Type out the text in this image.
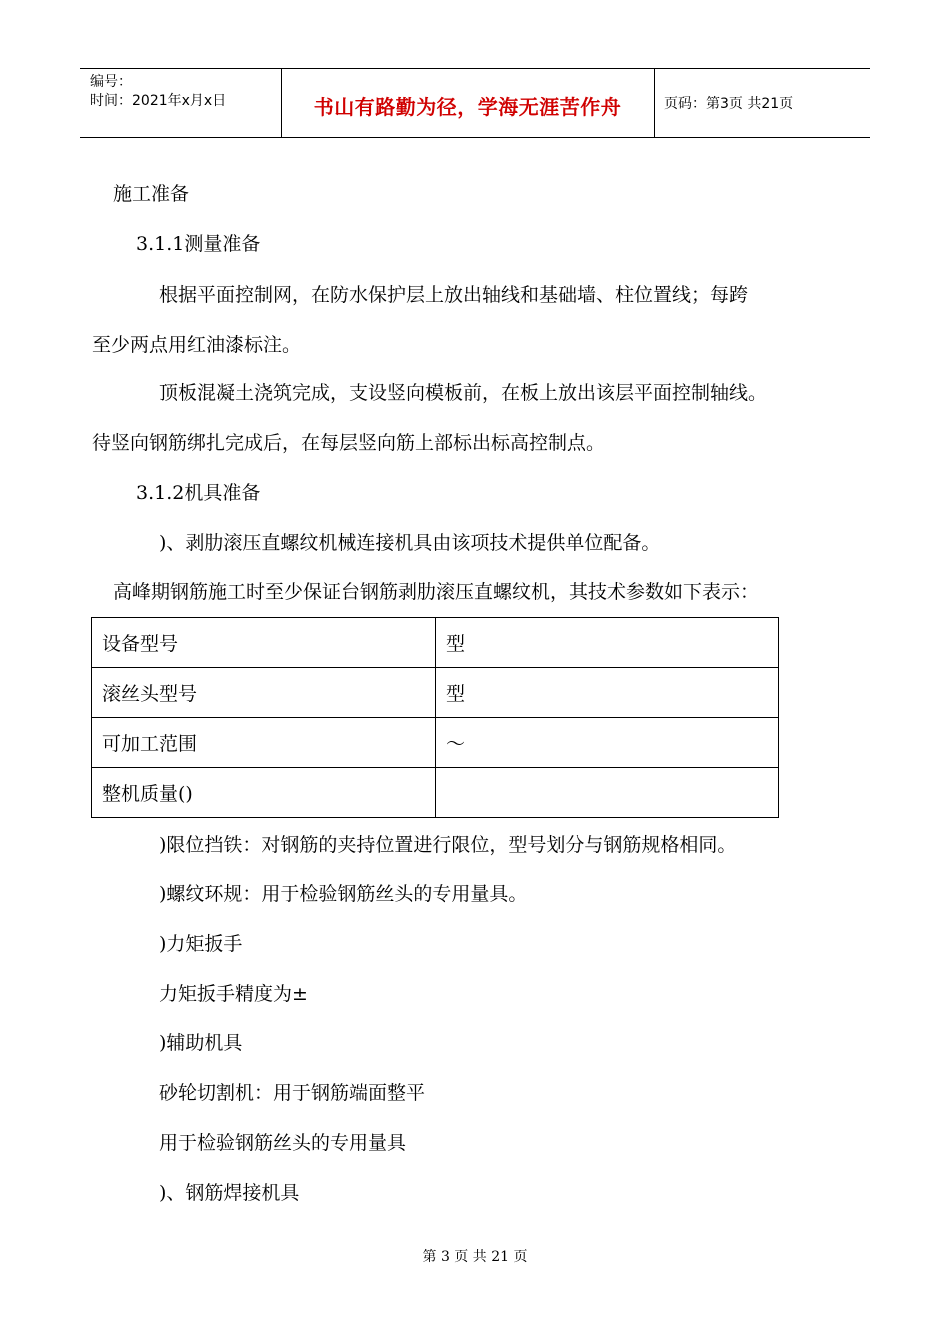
编号：
时间：2021年x月x日	书山有路勤为径，学海无涯苦作舟	页码：第3页 共21页
施工准备
3.1.1测量准备
根据平面控制网，在防水保护层上放出轴线和基础墙、柱位置线；每跨
至少两点用红油漆标注。
顶板混凝土浇筑完成，支设竖向模板前，在板上放出该层平面控制轴线。
待竖向钢筋绑扎完成后，在每层竖向筋上部标出标高控制点。
3.1.2机具准备
)、剥肋滚压直螺纹机械连接机具由该项技术提供单位配备。
高峰期钢筋施工时至少保证台钢筋剥肋滚压直螺纹机，其技术参数如下表示：
设备型号	型
滚丝头型号	型
可加工范围	～
整机质量()	
)限位挡铁：对钢筋的夹持位置进行限位，型号划分与钢筋规格相同。
)螺纹环规：用于检验钢筋丝头的专用量具。
)力矩扳手
力矩扳手精度为±
)辅助机具
砂轮切割机：用于钢筋端面整平
用于检验钢筋丝头的专用量具
)、钢筋焊接机具
第 3 页 共 21 页
